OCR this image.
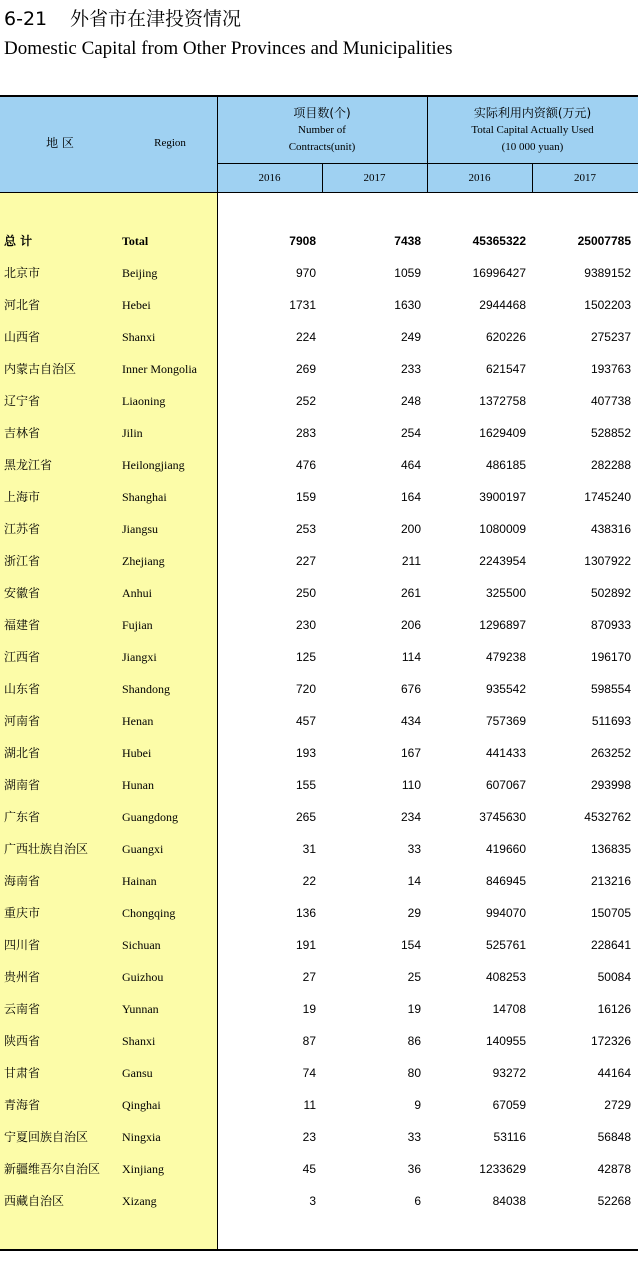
6-21 外省市在津投资情况
Domestic Capital from Other Provinces and Municipalities
地 区	Region
项目数(个)
Number of
Contracts(unit)
实际利用内资额(万元)
Total Capital Actually Used
(10 000 yuan)
2016	2017	2016	2017
总 计	Total	7908	7438	45365322	25007785
北京市	Beijing	970	1059	16996427	9389152
河北省	Hebei	1731	1630	2944468	1502203
山西省	Shanxi	224	249	620226	275237
内蒙古自治区	Inner Mongolia	269	233	621547	193763
辽宁省	Liaoning	252	248	1372758	407738
吉林省	Jilin	283	254	1629409	528852
黑龙江省	Heilongjiang	476	464	486185	282288
上海市	Shanghai	159	164	3900197	1745240
江苏省	Jiangsu	253	200	1080009	438316
浙江省	Zhejiang	227	211	2243954	1307922
安徽省	Anhui	250	261	325500	502892
福建省	Fujian	230	206	1296897	870933
江西省	Jiangxi	125	114	479238	196170
山东省	Shandong	720	676	935542	598554
河南省	Henan	457	434	757369	511693
湖北省	Hubei	193	167	441433	263252
湖南省	Hunan	155	110	607067	293998
广东省	Guangdong	265	234	3745630	4532762
广西壮族自治区	Guangxi	31	33	419660	136835
海南省	Hainan	22	14	846945	213216
重庆市	Chongqing	136	29	994070	150705
四川省	Sichuan	191	154	525761	228641
贵州省	Guizhou	27	25	408253	50084
云南省	Yunnan	19	19	14708	16126
陕西省	Shanxi	87	86	140955	172326
甘肃省	Gansu	74	80	93272	44164
青海省	Qinghai	11	9	67059	2729
宁夏回族自治区	Ningxia	23	33	53116	56848
新疆维吾尔自治区 Xinjiang	45	36	1233629	42878
西藏自治区	Xizang	3	6	84038	52268
